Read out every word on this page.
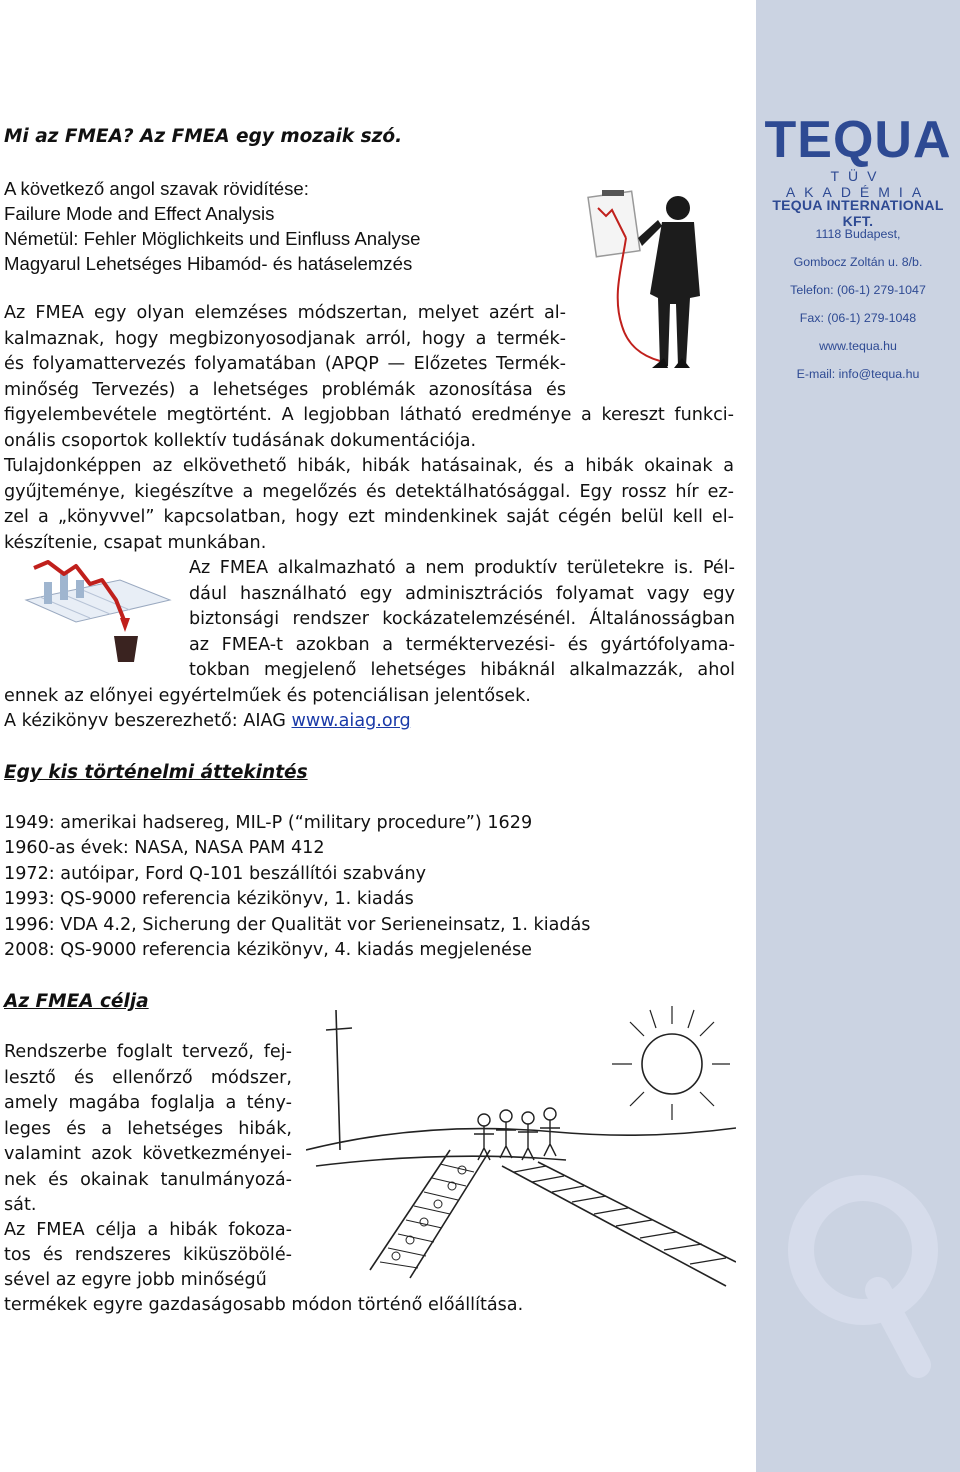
TEQUA
TÜV AKADÉMIA
TEQUA INTERNATIONAL KFT.
1118 Budapest,
Gombocz Zoltán u. 8/b.
Telefon: (06-1) 279-1047
Fax: (06-1) 279-1048
www.tequa.hu
E-mail: info@tequa.hu
Mi az FMEA? Az FMEA egy mozaik szó.
A következő angol szavak rövidítése:
Failure Mode and Effect Analysis
Németül: Fehler Möglichkeits und Einfluss Analyse
Magyarul Lehetséges Hibamód- és hatáselemzés
Az FMEA egy olyan elemzéses módszertan, melyet azért al-
kalmaznak, hogy megbizonyosodjanak arról, hogy a termék-
és folyamattervezés folyamatában (APQP — Előzetes Termék-
minőség Tervezés) a lehetséges problémák azonosítása és
figyelembevétele megtörtént. A legjobban látható eredménye a kereszt funkci-
onális csoportok kollektív tudásának dokumentációja.
Tulajdonképpen az elkövethető hibák, hibák hatásainak, és a hibák okainak a
gyűjteménye, kiegészítve a megelőzés és detektálhatósággal. Egy rossz hír ez-
zel a „könyvvel” kapcsolatban, hogy ezt mindenkinek saját cégén belül kell el-
készítenie, csapat munkában.
Az FMEA alkalmazható a nem produktív területekre is. Pél-
dául használható egy adminisztrációs folyamat vagy egy
biztonsági rendszer kockázatelemzésénél. Általánosságban
az FMEA-t azokban a terméktervezési- és gyártófolyama-
tokban megjelenő lehetséges hibáknál alkalmazzák, ahol
ennek az előnyei egyértelműek és potenciálisan jelentősek.
A kézikönyv beszerezhető: AIAG www.aiag.org
Egy kis történelmi áttekintés
1949: amerikai hadsereg, MIL-P (“military procedure”) 1629
1960-as évek: NASA, NASA PAM 412
1972: autóipar, Ford Q-101 beszállítói szabvány
1993: QS-9000 referencia kézikönyv, 1. kiadás
1996: VDA 4.2, Sicherung der Qualität vor Serieneinsatz, 1. kiadás
2008: QS-9000 referencia kézikönyv, 4. kiadás megjelenése
Az FMEA célja
Rendszerbe foglalt tervező, fej-
lesztő és ellenőrző módszer,
amely magába foglalja a tény-
leges és a lehetséges hibák,
valamint azok következményei-
nek és okainak tanulmányozá-
sát.
Az FMEA célja a hibák fokoza-
tos és rendszeres kiküszöbölé-
sével az egyre jobb minőségű
termékek egyre gazdaságosabb módon történő előállítása.
